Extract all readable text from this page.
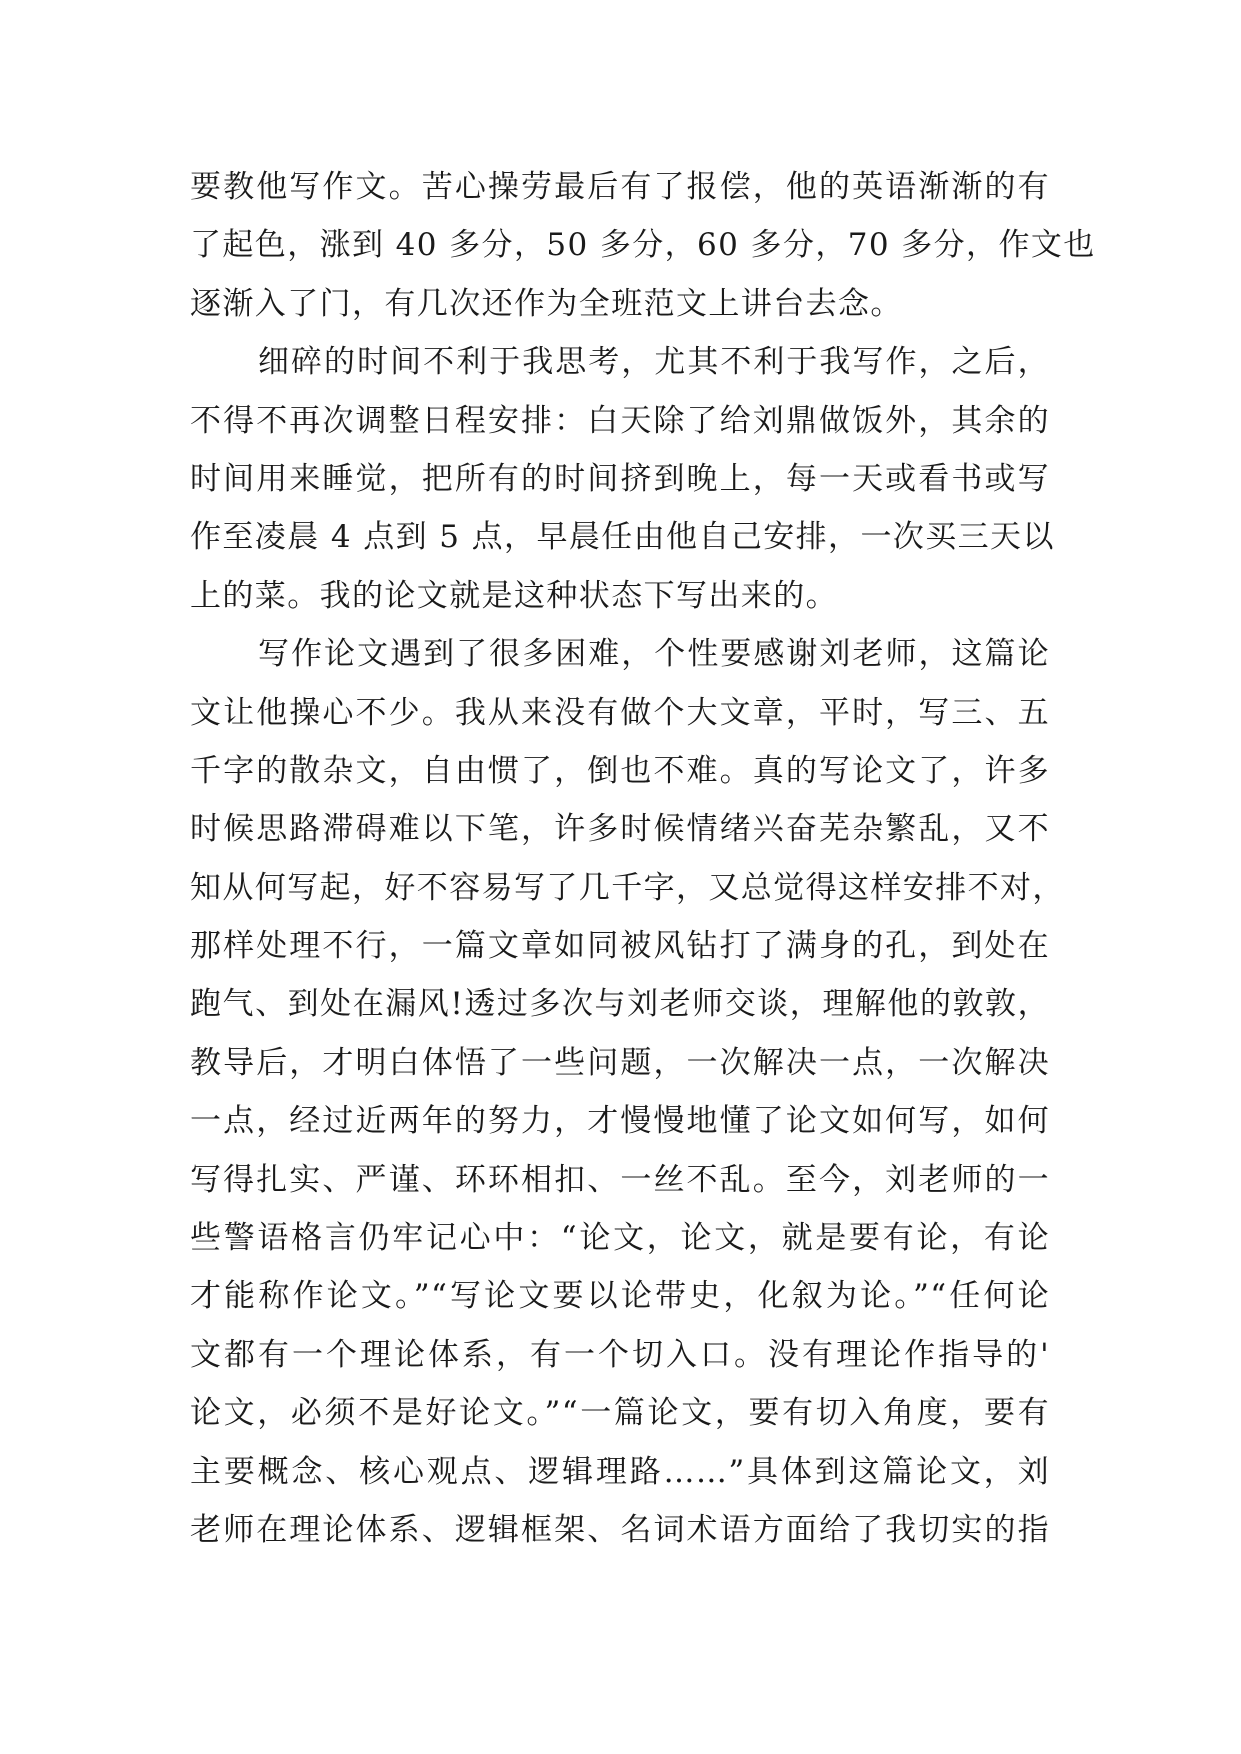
要教他写作文。苦心操劳最后有了报偿，他的英语渐渐的有
了起色，涨到 40 多分，50 多分，60 多分，70 多分，作文也
逐渐入了门，有几次还作为全班范文上讲台去念。
细碎的时间不利于我思考，尤其不利于我写作，之后，
不得不再次调整日程安排：白天除了给刘鼎做饭外，其余的
时间用来睡觉，把所有的时间挤到晚上，每一天或看书或写
作至凌晨 4 点到 5 点，早晨任由他自己安排，一次买三天以
上的菜。我的论文就是这种状态下写出来的。
写作论文遇到了很多困难，个性要感谢刘老师，这篇论
文让他操心不少。我从来没有做个大文章，平时，写三、五
千字的散杂文，自由惯了，倒也不难。真的写论文了，许多
时候思路滞碍难以下笔，许多时候情绪兴奋芜杂繁乱，又不
知从何写起，好不容易写了几千字，又总觉得这样安排不对，
那样处理不行，一篇文章如同被风钻打了满身的孔，到处在
跑气、到处在漏风!透过多次与刘老师交谈，理解他的敦敦，
教导后，才明白体悟了一些问题，一次解决一点，一次解决
一点，经过近两年的努力，才慢慢地懂了论文如何写，如何
写得扎实、严谨、环环相扣、一丝不乱。至今，刘老师的一
些警语格言仍牢记心中：“论文，论文，就是要有论，有论
才能称作论文。”“写论文要以论带史，化叙为论。”“任何论
文都有一个理论体系，有一个切入口。没有理论作指导的'
论文，必须不是好论文。”“一篇论文，要有切入角度，要有
主要概念、核心观点、逻辑理路……”具体到这篇论文，刘
老师在理论体系、逻辑框架、名词术语方面给了我切实的指
